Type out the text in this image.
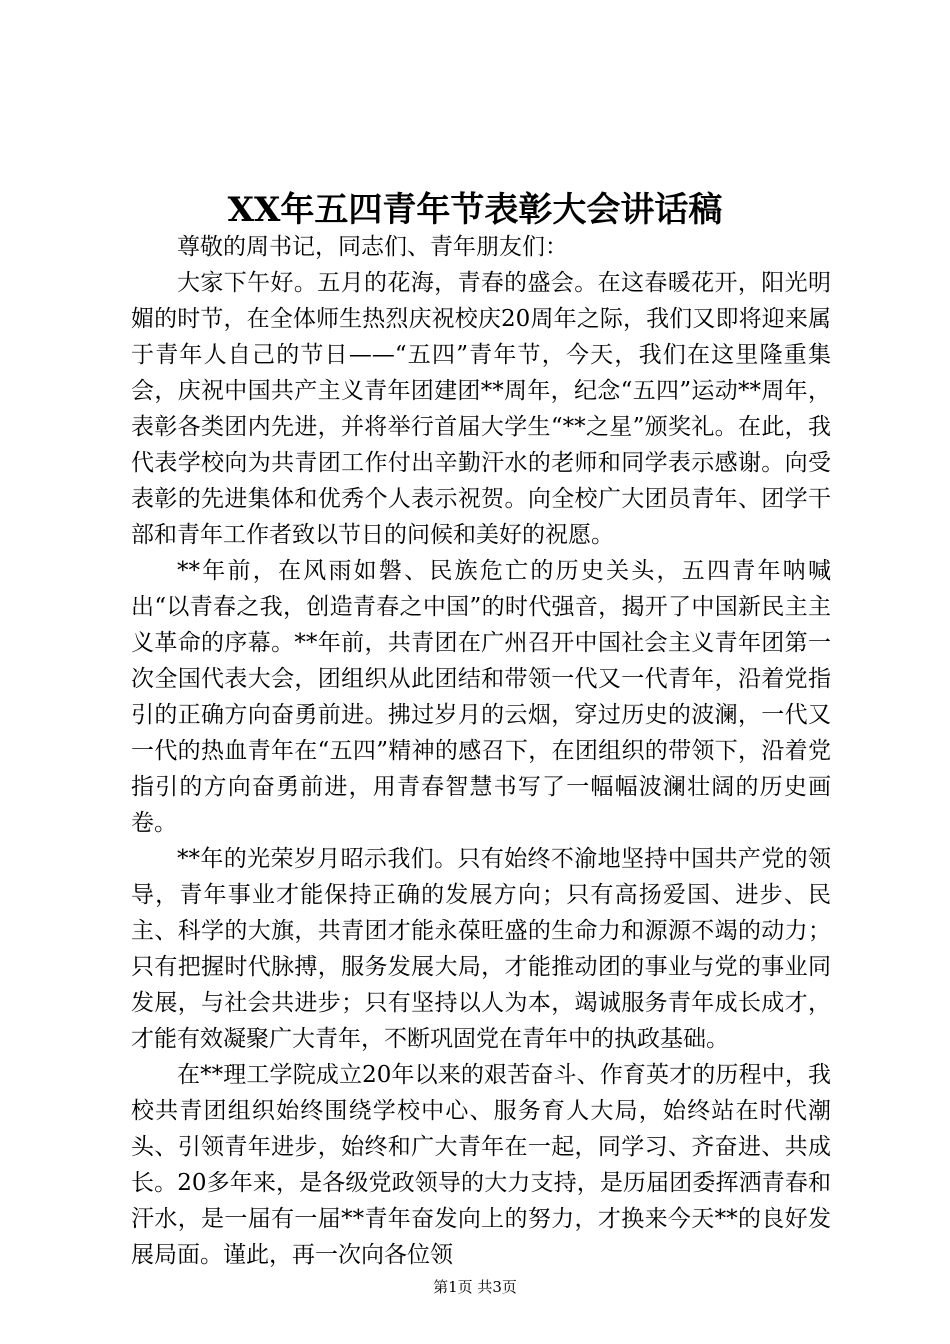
XX年五四青年节表彰大会讲话稿

尊敬的周书记，同志们、青年朋友们：

大家下午好。五月的花海，青春的盛会。在这春暖花开，阳光明媚的时节，在全体师生热烈庆祝校庆20周年之际，我们又即将迎来属于青年人自己的节日——“五四”青年节，今天，我们在这里隆重集会，庆祝中国共产主义青年团建团**周年，纪念“五四”运动**周年，表彰各类团内先进，并将举行首届大学生“**之星”颁奖礼。在此，我代表学校向为共青团工作付出辛勤汗水的老师和同学表示感谢。向受表彰的先进集体和优秀个人表示祝贺。向全校广大团员青年、团学干部和青年工作者致以节日的问候和美好的祝愿。

**年前，在风雨如磐、民族危亡的历史关头，五四青年呐喊出“以青春之我，创造青春之中国”的时代强音，揭开了中国新民主主义革命的序幕。**年前，共青团在广州召开中国社会主义青年团第一次全国代表大会，团组织从此团结和带领一代又一代青年，沿着党指引的正确方向奋勇前进。拂过岁月的云烟，穿过历史的波澜，一代又一代的热血青年在“五四”精神的感召下，在团组织的带领下，沿着党指引的方向奋勇前进，用青春智慧书写了一幅幅波澜壮阔的历史画卷。

**年的光荣岁月昭示我们。只有始终不渝地坚持中国共产党的领导，青年事业才能保持正确的发展方向；只有高扬爱国、进步、民主、科学的大旗，共青团才能永葆旺盛的生命力和源源不竭的动力；只有把握时代脉搏，服务发展大局，才能推动团的事业与党的事业同发展，与社会共进步；只有坚持以人为本，竭诚服务青年成长成才，才能有效凝聚广大青年，不断巩固党在青年中的执政基础。

在**理工学院成立20年以来的艰苦奋斗、作育英才的历程中，我校共青团组织始终围绕学校中心、服务育人大局，始终站在时代潮头、引领青年进步，始终和广大青年在一起，同学习、齐奋进、共成长。20多年来，是各级党政领导的大力支持，是历届团委挥洒青春和汗水，是一届有一届**青年奋发向上的努力，才换来今天**的良好发展局面。谨此，再一次向各位领

第1页 共3页
